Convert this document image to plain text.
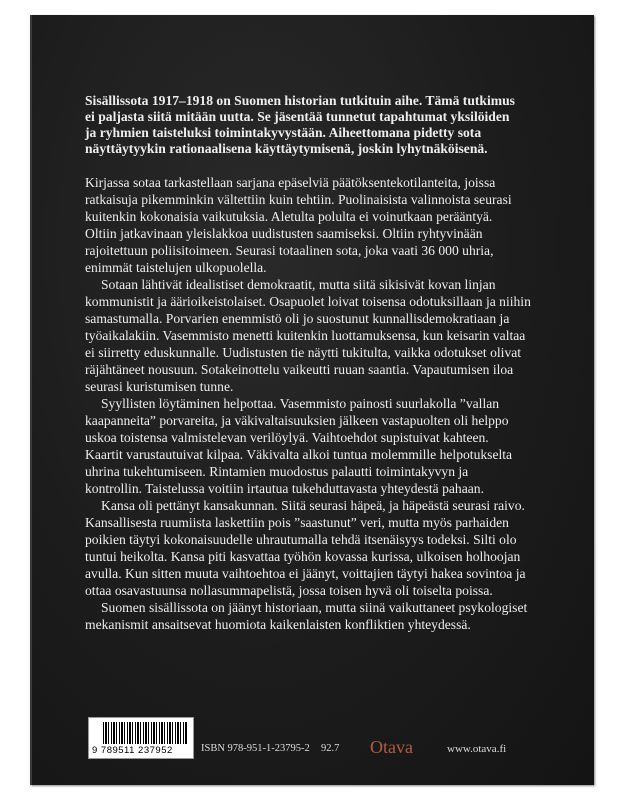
Sisällissota 1917–1918 on Suomen historian tutkituin aihe. Tämä tutkimus
ei paljasta siitä mitään uutta. Se jäsentää tunnetut tapahtumat yksilöiden
ja ryhmien taisteluksi toimintakyvystään. Aiheettomana pidetty sota
näyttäytyykin rationaalisena käyttäytymisenä, joskin lyhytnäköisenä.
Kirjassa sotaa tarkastellaan sarjana epäselviä päätöksentekotilanteita, joissa
ratkaisuja pikemminkin vältettiin kuin tehtiin. Puolinaisista valinnoista seurasi
kuitenkin kokonaisia vaikutuksia. Aletulta polulta ei voinutkaan perääntyä.
Oltiin jatkavinaan yleislakkoa uudistusten saamiseksi. Oltiin ryhtyvinään
rajoitettuun poliisitoimeen. Seurasi totaalinen sota, joka vaati 36 000 uhria,
enimmät taistelujen ulkopuolella.
Sotaan lähtivät idealistiset demokraatit, mutta siitä sikisivät kovan linjan
kommunistit ja äärioikeistolaiset. Osapuolet loivat toisensa odotuksillaan ja niihin
samastumalla. Porvarien enemmistö oli jo suostunut kunnallisdemokratiaan ja
työaikalakiin. Vasemmisto menetti kuitenkin luottamuksensa, kun keisarin valtaa
ei siirretty eduskunnalle. Uudistusten tie näytti tukitulta, vaikka odotukset olivat
räjähtäneet nousuun. Sotakeinottelu vaikeutti ruuan saantia. Vapautumisen iloa
seurasi kuristumisen tunne.
Syyllisten löytäminen helpottaa. Vasemmisto painosti suurlakolla ”vallan
kaapanneita” porvareita, ja väkivaltaisuuksien jälkeen vastapuolten oli helppo
uskoa toistensa valmistelevan verilöylyä. Vaihtoehdot supistuivat kahteen.
Kaartit varustautuivat kilpaa. Väkivalta alkoi tuntua molemmille helpotukselta
uhrina tukehtumiseen. Rintamien muodostus palautti toimintakyvyn ja
kontrollin. Taistelussa voitiin irtautua tukehduttavasta yhteydestä pahaan.
Kansa oli pettänyt kansakunnan. Siitä seurasi häpeä, ja häpeästä seurasi raivo.
Kansallisesta ruumiista laskettiin pois ”saastunut” veri, mutta myös parhaiden
poikien täytyi kokonaisuudelle uhrautumalla tehdä itsenäisyys todeksi. Silti olo
tuntui heikolta. Kansa piti kasvattaa työhön kovassa kurissa, ulkoisen holhoojan
avulla. Kun sitten muuta vaihtoehtoa ei jäänyt, voittajien täytyi hakea sovintoa ja
ottaa osavastuunsa nollasummapelistä, jossa toisen hyvä oli toiselta poissa.
Suomen sisällissota on jäänyt historiaan, mutta siinä vaikuttaneet psykologiset
mekanismit ansaitsevat huomiota kaikenlaisten konfliktien yhteydessä.
9 789511 237952	ISBN 978-951-1-23795-2 92.7 Otava	www.otava.fi
